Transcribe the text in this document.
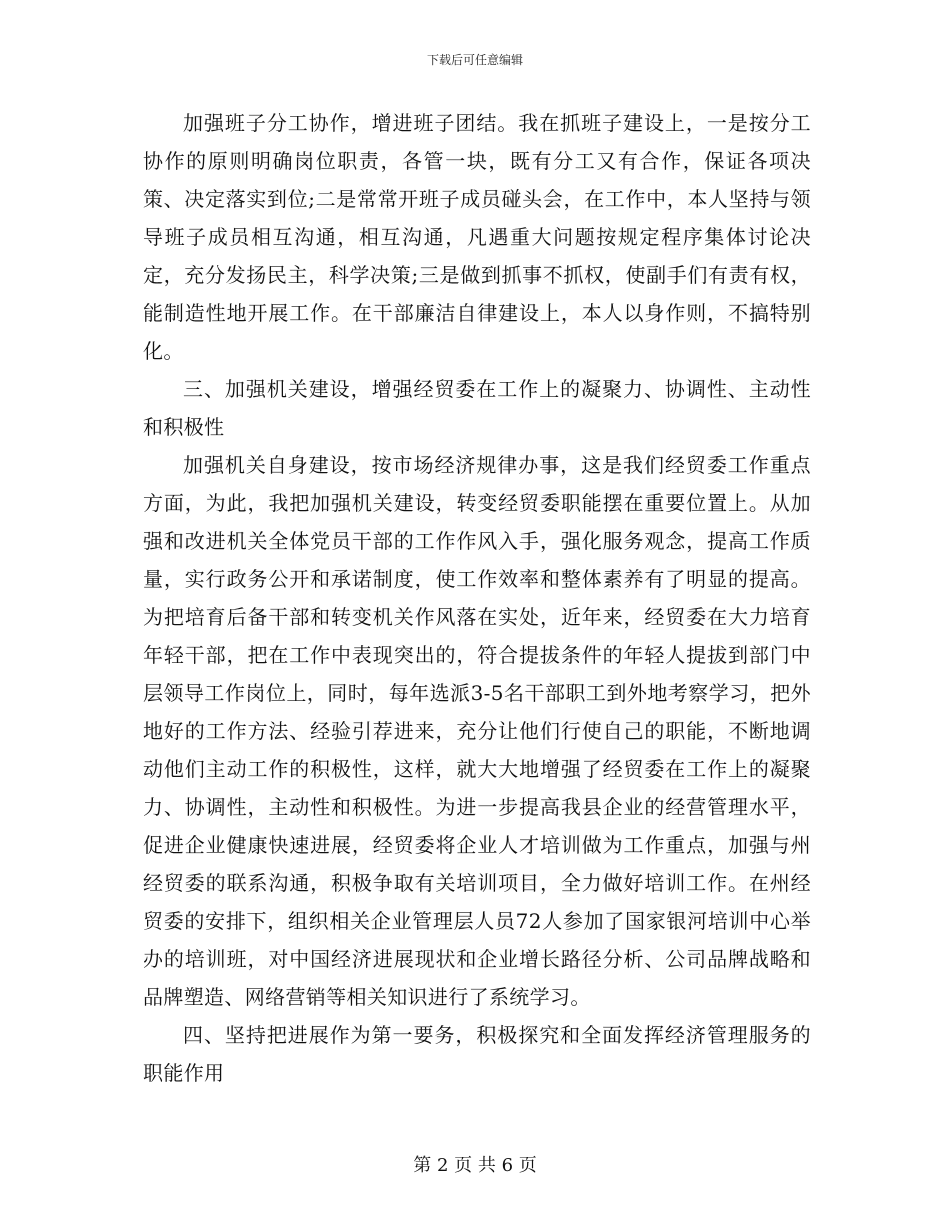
下载后可任意编辑

加强班子分工协作，增进班子团结。我在抓班子建设上，一是按分工协作的原则明确岗位职责，各管一块，既有分工又有合作，保证各项决策、决定落实到位;二是常常开班子成员碰头会，在工作中，本人坚持与领导班子成员相互沟通，相互沟通，凡遇重大问题按规定程序集体讨论决定，充分发扬民主，科学决策;三是做到抓事不抓权，使副手们有责有权，能制造性地开展工作。在干部廉洁自律建设上，本人以身作则，不搞特别化。

三、加强机关建设，增强经贸委在工作上的凝聚力、协调性、主动性和积极性

加强机关自身建设，按市场经济规律办事，这是我们经贸委工作重点方面，为此，我把加强机关建设，转变经贸委职能摆在重要位置上。从加强和改进机关全体党员干部的工作作风入手，强化服务观念，提高工作质量，实行政务公开和承诺制度，使工作效率和整体素养有了明显的提高。为把培育后备干部和转变机关作风落在实处，近年来，经贸委在大力培育年轻干部，把在工作中表现突出的，符合提拔条件的年轻人提拔到部门中层领导工作岗位上，同时，每年选派3-5名干部职工到外地考察学习，把外地好的工作方法、经验引荐进来，充分让他们行使自己的职能，不断地调动他们主动工作的积极性，这样，就大大地增强了经贸委在工作上的凝聚力、协调性，主动性和积极性。为进一步提高我县企业的经营管理水平，促进企业健康快速进展，经贸委将企业人才培训做为工作重点，加强与州经贸委的联系沟通，积极争取有关培训项目，全力做好培训工作。在州经贸委的安排下，组织相关企业管理层人员72人参加了国家银河培训中心举办的培训班，对中国经济进展现状和企业增长路径分析、公司品牌战略和品牌塑造、网络营销等相关知识进行了系统学习。

四、坚持把进展作为第一要务，积极探究和全面发挥经济管理服务的职能作用

第 2 页 共 6 页
